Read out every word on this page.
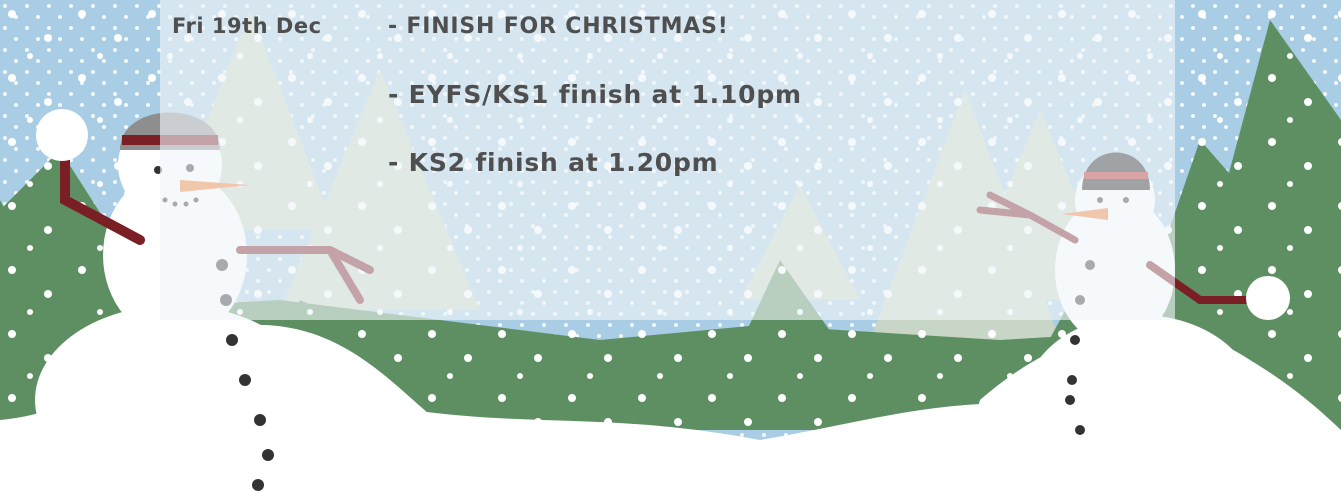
Fri 19th Dec	- FINISH FOR CHRISTMAS!
- EYFS/KS1 finish at 1.10pm
- KS2 finish at 1.20pm
